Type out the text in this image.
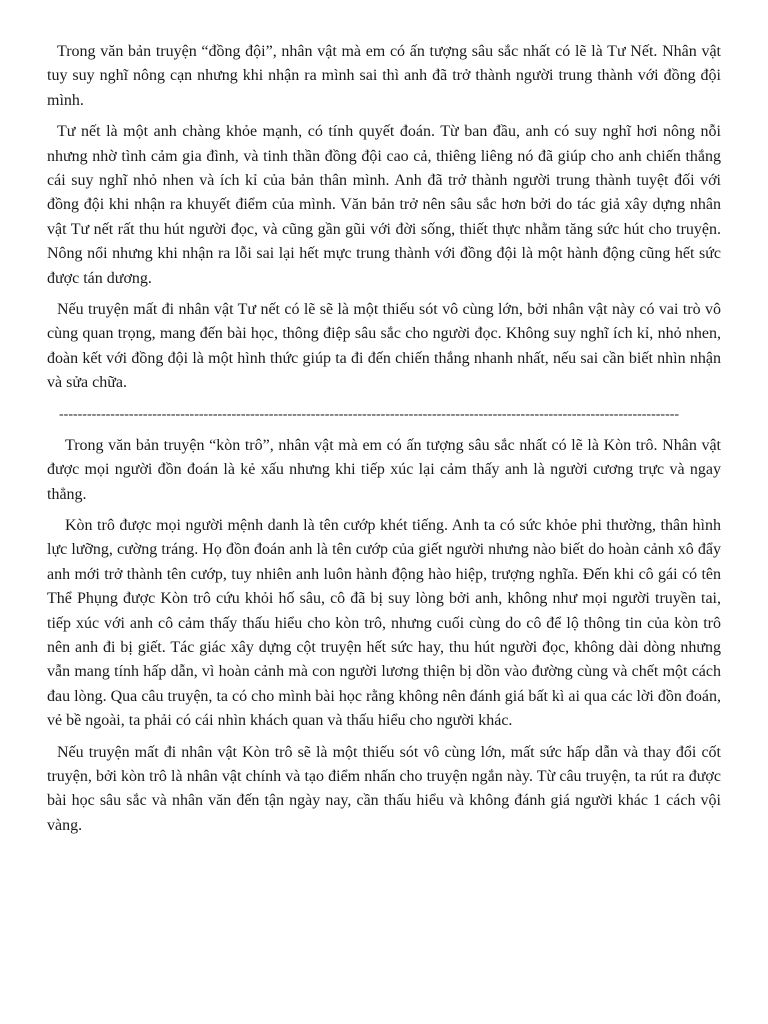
Trong văn bản truyện “đồng đội”, nhân vật mà em có ấn tượng sâu sắc nhất có lẽ là Tư Nết. Nhân vật tuy suy nghĩ nông cạn nhưng khi nhận ra mình sai thì anh đã trở thành người trung thành với đồng đội mình.

Tư nết là một anh chàng khỏe mạnh, có tính quyết đoán. Từ ban đầu, anh có suy nghĩ hơi nông nỗi nhưng nhờ tình cảm gia đình, và tinh thần đồng đội cao cả, thiêng liêng nó đã giúp cho anh chiến thắng cái suy nghĩ nhỏ nhen và ích kỉ của bản thân mình. Anh đã trở thành người trung thành tuyệt đối với đồng đội khi nhận ra khuyết điểm của mình. Văn bản trở nên sâu sắc hơn bởi do tác giả xây dựng nhân vật Tư nết rất thu hút người đọc, và cũng gần gũi với đời sống, thiết thực nhằm tăng sức hút cho truyện. Nông nổi nhưng khi nhận ra lỗi sai lại hết mực trung thành với đồng đội là một hành động cũng hết sức được tán dương.

Nếu truyện mất đi nhân vật Tư nết có lẽ sẽ là một thiếu sót vô cùng lớn, bởi nhân vật này có vai trò vô cùng quan trọng, mang đến bài học, thông điệp sâu sắc cho người đọc. Không suy nghĩ ích kỉ, nhỏ nhen, đoàn kết với đồng đội là một hình thức giúp ta đi đến chiến thắng nhanh nhất, nếu sai cần biết nhìn nhận và sửa chữa.

-------------------------------------------------------------------------------------------------------------------------------------

Trong văn bản truyện “kòn trô”, nhân vật mà em có ấn tượng sâu sắc nhất có lẽ là Kòn trô. Nhân vật được mọi người đồn đoán là kẻ xấu nhưng khi tiếp xúc lại cảm thấy anh là người cương trực và ngay thẳng.

Kòn trô được mọi người mệnh danh là tên cướp khét tiếng. Anh ta có sức khỏe phi thường, thân hình lực lưỡng, cường tráng. Họ đồn đoán anh là tên cướp của giết người nhưng nào biết do hoàn cảnh xô đẩy anh mới trở thành tên cướp, tuy nhiên anh luôn hành động hào hiệp, trượng nghĩa. Đến khi cô gái có tên Thể Phụng được Kòn trô cứu khỏi hố sâu, cô đã bị suy lòng bởi anh, không như mọi người truyền tai, tiếp xúc với anh cô cảm thấy thấu hiểu cho kòn trô, nhưng cuối cùng do cô để lộ thông tin của kòn trô nên anh đi bị giết. Tác giác xây dựng cột truyện hết sức hay, thu hút người đọc, không dài dòng nhưng vẫn mang tính hấp dẫn, vì hoàn cảnh mà con người lương thiện bị dồn vào đường cùng và chết một cách đau lòng. Qua câu truyện, ta có cho mình bài học rằng không nên đánh giá bất kì ai qua các lời đồn đoán, vẻ bề ngoài, ta phải có cái nhìn khách quan và thấu hiểu cho người khác.

Nếu truyện mất đi nhân vật Kòn trô sẽ là một thiếu sót vô cùng lớn, mất sức hấp dẫn và thay đổi cốt truyện, bởi kòn trô là nhân vật chính và tạo điểm nhấn cho truyện ngắn này. Từ câu truyện, ta rút ra được bài học sâu sắc và nhân văn đến tận ngày nay, cần thấu hiểu và không đánh giá người khác 1 cách vội vàng.
